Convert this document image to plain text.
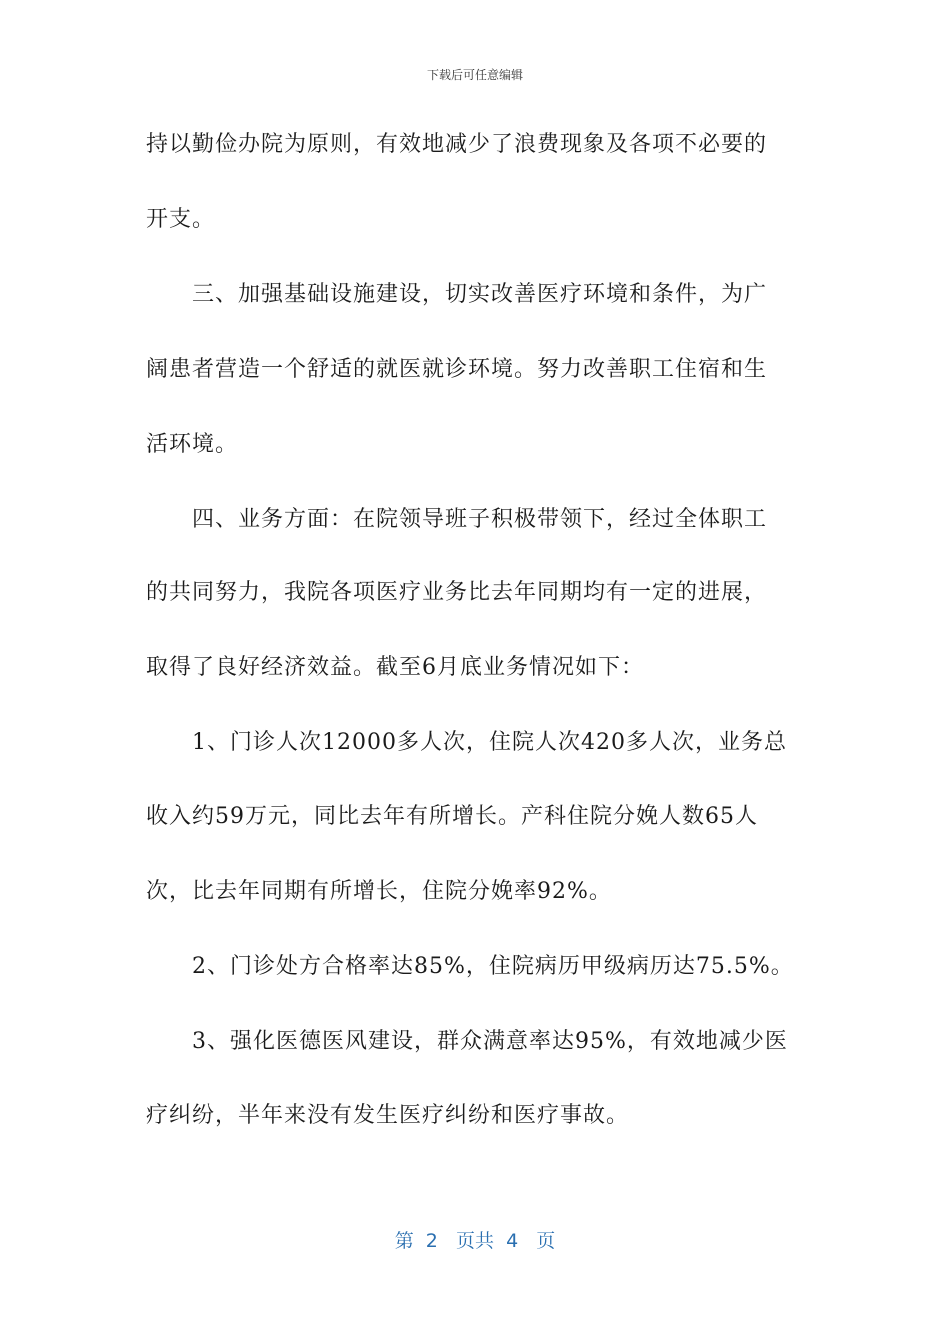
下载后可任意编辑
持以勤俭办院为原则，有效地减少了浪费现象及各项不必要的
开支。
三、加强基础设施建设，切实改善医疗环境和条件，为广
阔患者营造一个舒适的就医就诊环境。努力改善职工住宿和生
活环境。
四、业务方面：在院领导班子积极带领下，经过全体职工
的共同努力，我院各项医疗业务比去年同期均有一定的进展，
取得了良好经济效益。截至6月底业务情况如下：
1、门诊人次12000多人次，住院人次420多人次，业务总
收入约59万元，同比去年有所增长。产科住院分娩人数65人
次，比去年同期有所增长，住院分娩率92%。
2、门诊处方合格率达85%，住院病历甲级病历达75.5%。
3、强化医德医风建设，群众满意率达95%，有效地减少医
疗纠纷，半年来没有发生医疗纠纷和医疗事故。
第  2   页共  4   页
